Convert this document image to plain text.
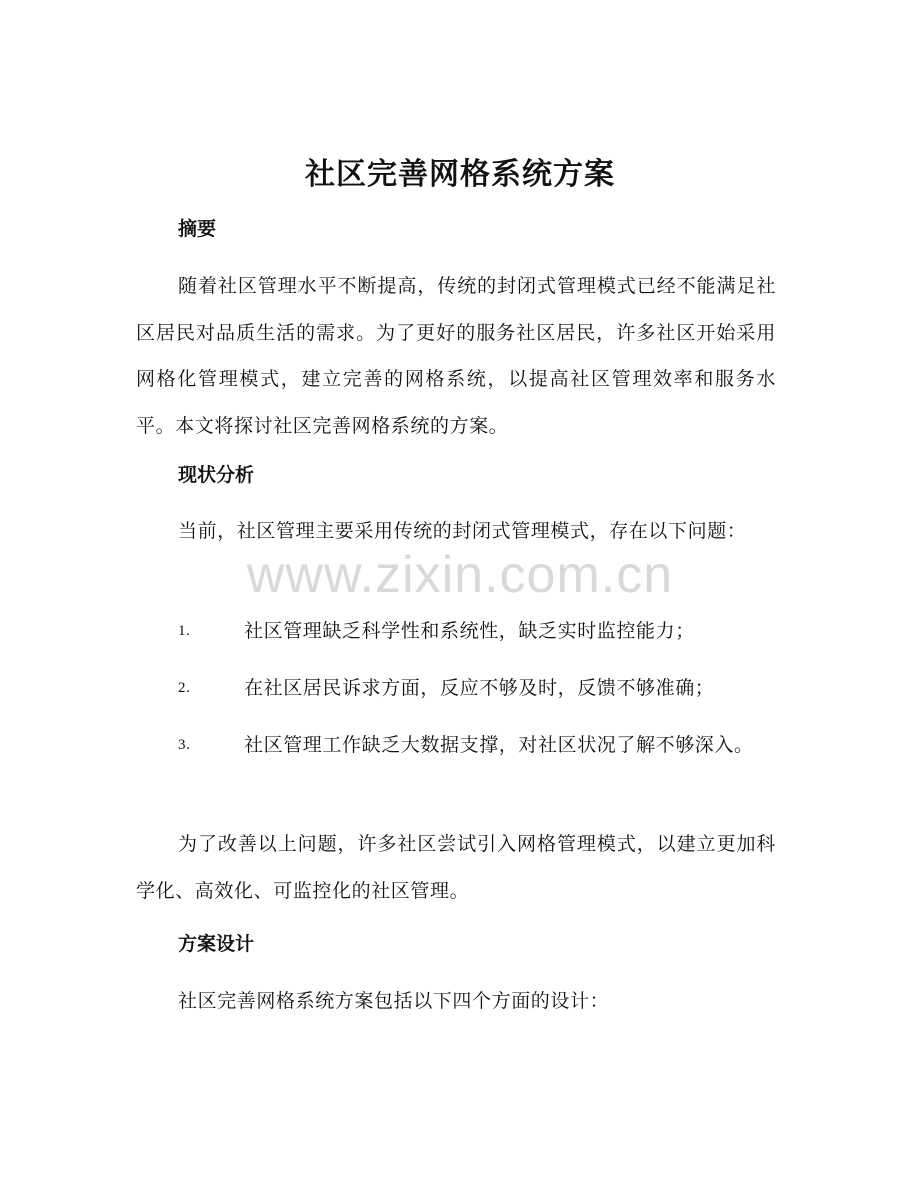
社区完善网格系统方案
摘要

随着社区管理水平不断提高，传统的封闭式管理模式已经不能满足社区居民对品质生活的需求。为了更好的服务社区居民，许多社区开始采用网格化管理模式，建立完善的网格系统，以提高社区管理效率和服务水平。本文将探讨社区完善网格系统的方案。

现状分析

当前，社区管理主要采用传统的封闭式管理模式，存在以下问题：

1.	社区管理缺乏科学性和系统性，缺乏实时监控能力；
2.	在社区居民诉求方面，反应不够及时，反馈不够准确；
3.	社区管理工作缺乏大数据支撑，对社区状况了解不够深入。

为了改善以上问题，许多社区尝试引入网格管理模式，以建立更加科学化、高效化、可监控化的社区管理。

方案设计

社区完善网格系统方案包括以下四个方面的设计：

www.zixin.com.cn
